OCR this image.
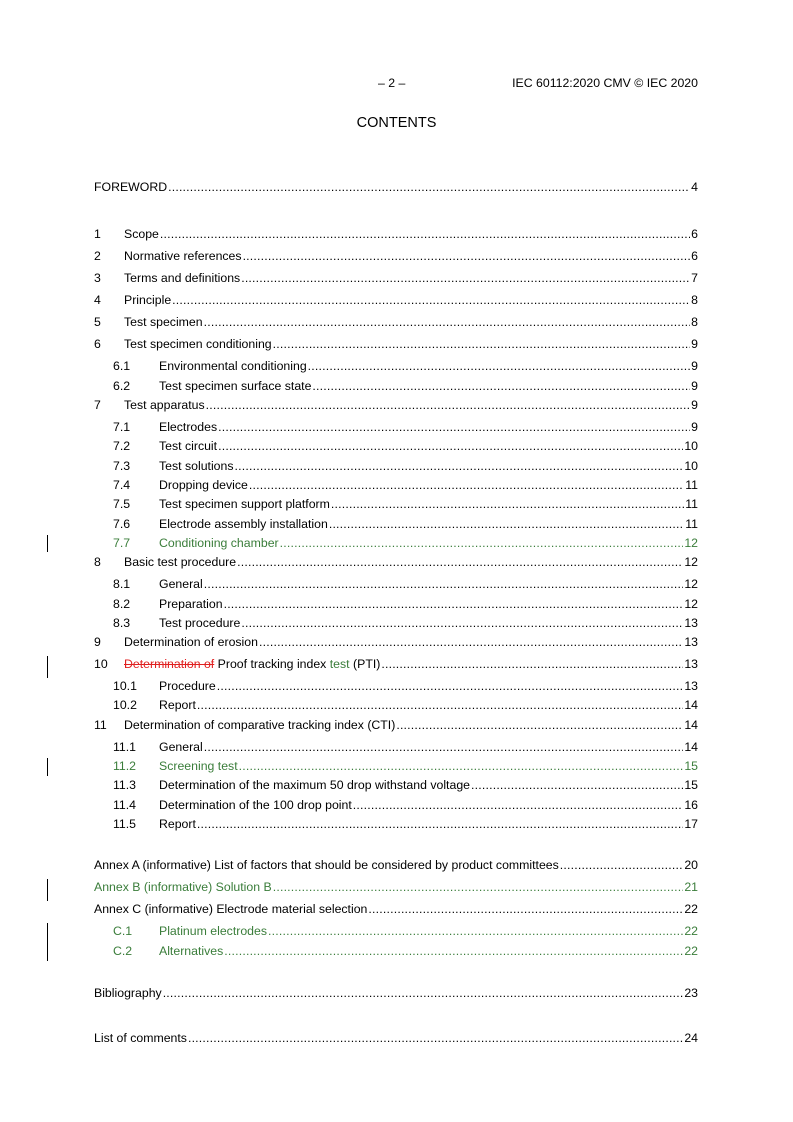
– 2 –	IEC 60112:2020 CMV © IEC 2020
CONTENTS
FOREWORD .....	4
1	Scope .....	6
2	Normative references .....	6
3	Terms and definitions .....	7
4	Principle .....	8
5	Test specimen .....	8
6	Test specimen conditioning .....	9
6.1	Environmental conditioning .....	9
6.2	Test specimen surface state .....	9
7	Test apparatus .....	9
7.1	Electrodes .....	9
7.2	Test circuit .....	10
7.3	Test solutions .....	10
7.4	Dropping device .....	11
7.5	Test specimen support platform .....	11
7.6	Electrode assembly installation .....	11
7.7	Conditioning chamber .....	12
8	Basic test procedure .....	12
8.1	General .....	12
8.2	Preparation .....	12
8.3	Test procedure .....	13
9	Determination of erosion .....	13
10	Determination of Proof tracking index test (PTI) .....	13
10.1	Procedure .....	13
10.2	Report .....	14
11	Determination of comparative tracking index (CTI) .....	14
11.1	General .....	14
11.2	Screening test .....	15
11.3	Determination of the maximum 50 drop withstand voltage .....	15
11.4	Determination of the 100 drop point .....	16
11.5	Report .....	17
Annex A (informative) List of factors that should be considered by product committees .....	20
Annex B (informative) Solution B .....	21
Annex C (informative) Electrode material selection .....	22
C.1	Platinum electrodes .....	22
C.2	Alternatives .....	22
Bibliography .....	23
List of comments .....	24
